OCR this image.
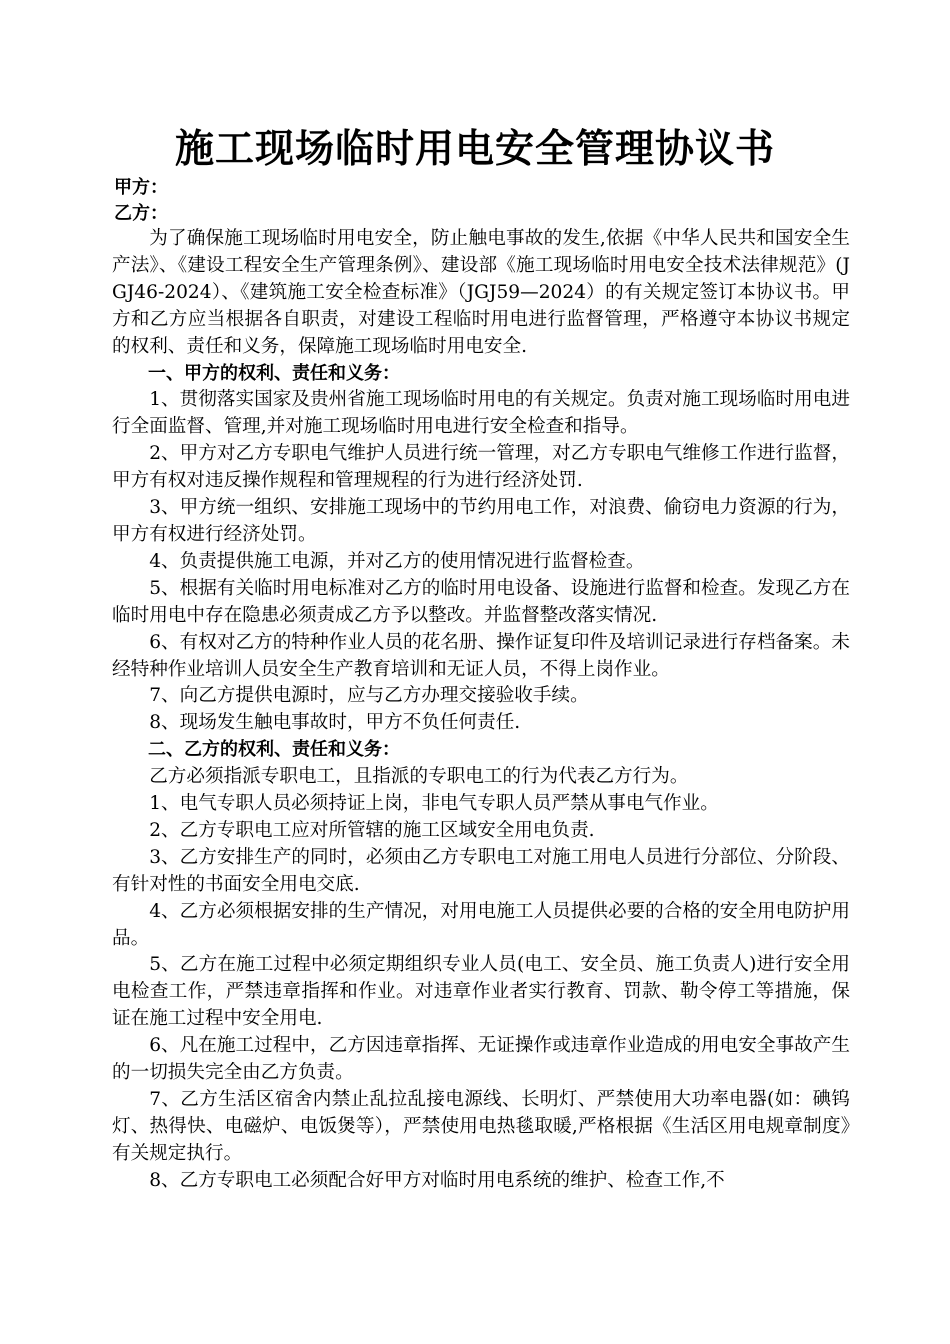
施工现场临时用电安全管理协议书

甲方：

乙方：

为了确保施工现场临时用电安全，防止触电事故的发生,依据《中华人民共和国安全生产法》、《建设工程安全生产管理条例》、建设部《施工现场临时用电安全技术法律规范》(JGJ46-2024）、《建筑施工安全检查标准》（JGJ59—2024）的有关规定签订本协议书。甲方和乙方应当根据各自职责，对建设工程临时用电进行监督管理，严格遵守本协议书规定的权利、责任和义务，保障施工现场临时用电安全.

一、甲方的权利、责任和义务：

1、贯彻落实国家及贵州省施工现场临时用电的有关规定。负责对施工现场临时用电进行全面监督、管理,并对施工现场临时用电进行安全检查和指导。

2、甲方对乙方专职电气维护人员进行统一管理，对乙方专职电气维修工作进行监督，甲方有权对违反操作规程和管理规程的行为进行经济处罚.

3、甲方统一组织、安排施工现场中的节约用电工作，对浪费、偷窃电力资源的行为，甲方有权进行经济处罚。

4、负责提供施工电源，并对乙方的使用情况进行监督检查。

5、根据有关临时用电标准对乙方的临时用电设备、设施进行监督和检查。发现乙方在临时用电中存在隐患必须责成乙方予以整改。并监督整改落实情况.

6、有权对乙方的特种作业人员的花名册、操作证复印件及培训记录进行存档备案。未经特种作业培训人员安全生产教育培训和无证人员，不得上岗作业。

7、向乙方提供电源时，应与乙方办理交接验收手续。

8、现场发生触电事故时，甲方不负任何责任.

二、乙方的权利、责任和义务：

乙方必须指派专职电工，且指派的专职电工的行为代表乙方行为。

1、电气专职人员必须持证上岗，非电气专职人员严禁从事电气作业。

2、乙方专职电工应对所管辖的施工区域安全用电负责.

3、乙方安排生产的同时，必须由乙方专职电工对施工用电人员进行分部位、分阶段、有针对性的书面安全用电交底.

4、乙方必须根据安排的生产情况，对用电施工人员提供必要的合格的安全用电防护用品。

5、乙方在施工过程中必须定期组织专业人员(电工、安全员、施工负责人)进行安全用电检查工作，严禁违章指挥和作业。对违章作业者实行教育、罚款、勒令停工等措施，保证在施工过程中安全用电.

6、凡在施工过程中，乙方因违章指挥、无证操作或违章作业造成的用电安全事故产生的一切损失完全由乙方负责。

7、乙方生活区宿舍内禁止乱拉乱接电源线、长明灯、严禁使用大功率电器(如：碘钨灯、热得快、电磁炉、电饭煲等），严禁使用电热毯取暖,严格根据《生活区用电规章制度》有关规定执行。

8、乙方专职电工必须配合好甲方对临时用电系统的维护、检查工作,不
